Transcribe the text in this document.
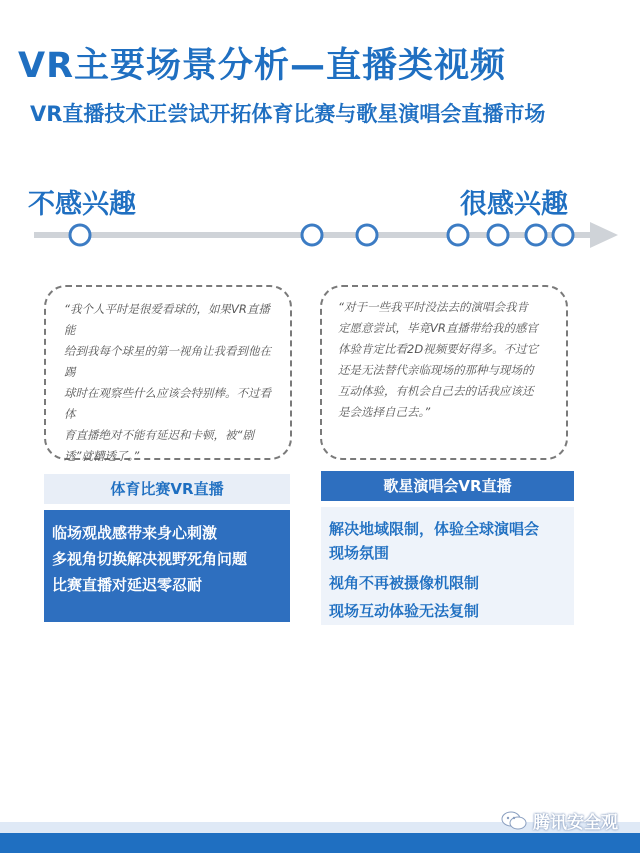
VR主要场景分析—直播类视频
VR直播技术正尝试开拓体育比赛与歌星演唱会直播市场
不感兴趣	很感兴趣
“我个人平时是很爱看球的，如果VR直播能
给到我每个球星的第一视角让我看到他在踢
球时在观察些什么应该会特别棒。不过看体
育直播绝对不能有延迟和卡顿，被“剧
透”就糟透了。”
“对于一些我平时没法去的演唱会我肯
定愿意尝试，毕竟VR直播带给我的感官
体验肯定比看2D视频要好得多。不过它
还是无法替代亲临现场的那种与现场的
互动体验，有机会自己去的话我应该还
是会选择自己去。”
体育比赛VR直播	歌星演唱会VR直播
临场观战感带来身心刺激
多视角切换解决视野死角问题
比赛直播对延迟零忍耐
解决地域限制，体验全球演唱会
现场氛围
视角不再被摄像机限制
现场互动体验无法复制
腾讯安全观
